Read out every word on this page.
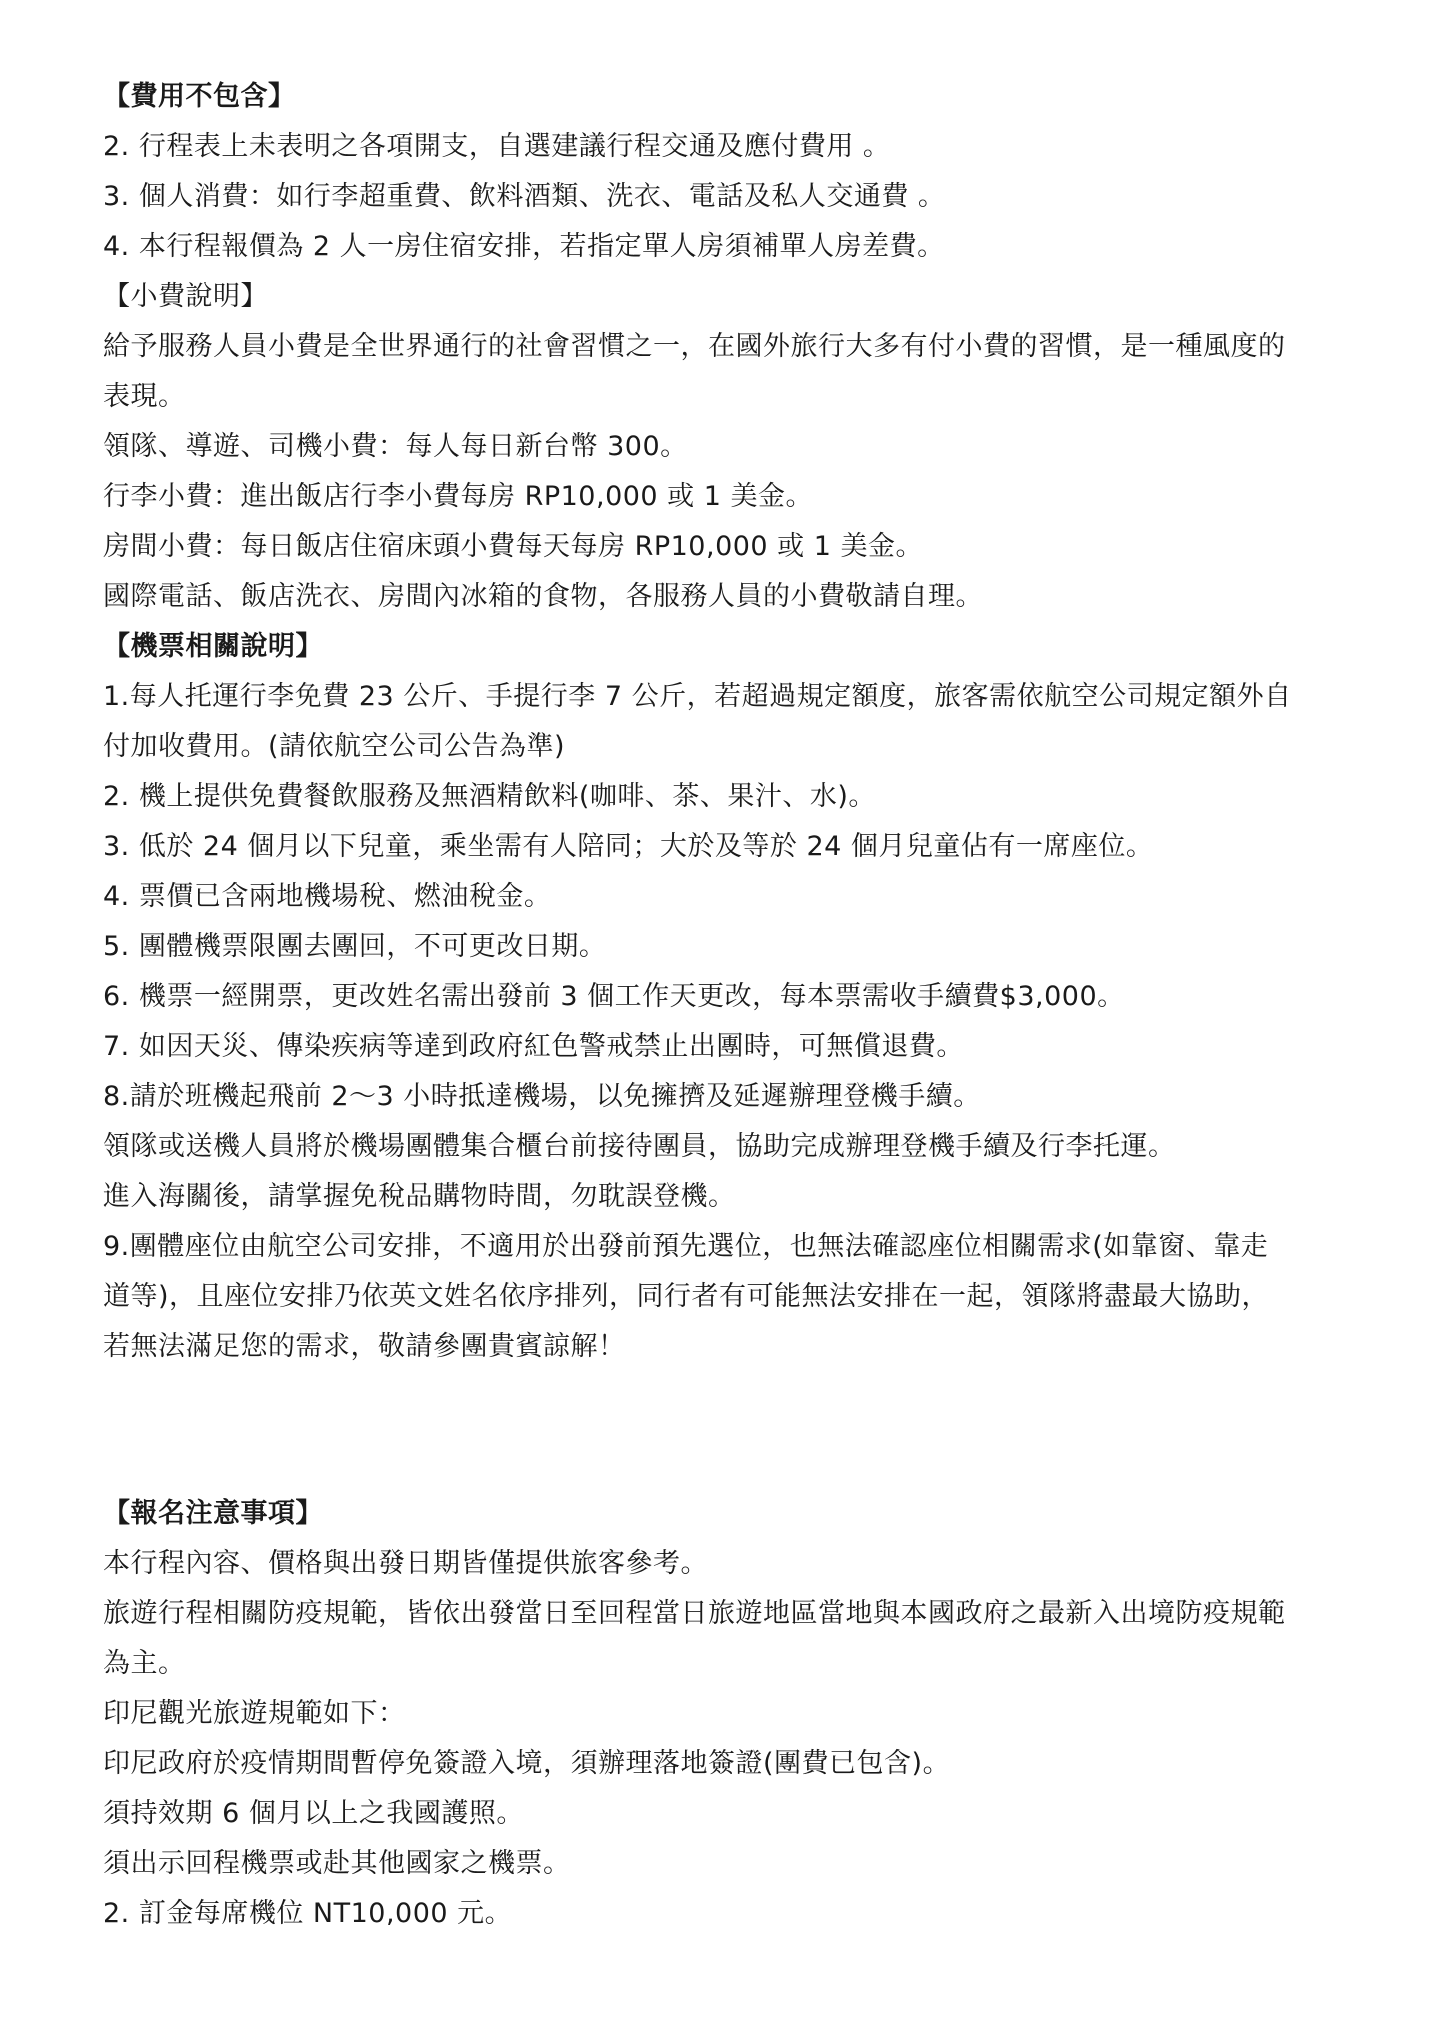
【費用不包含】
2. 行程表上未表明之各項開支，自選建議行程交通及應付費用 。
3. 個人消費：如行李超重費、飲料酒類、洗衣、電話及私人交通費 。
4. 本行程報價為 2 人一房住宿安排，若指定單人房須補單人房差費。
【小費說明】
給予服務人員小費是全世界通行的社會習慣之一，在國外旅行大多有付小費的習慣，是一種風度的
表現。
領隊、導遊、司機小費：每人每日新台幣 300。
行李小費：進出飯店行李小費每房 RP10,000 或 1 美金。
房間小費：每日飯店住宿床頭小費每天每房 RP10,000 或 1 美金。
國際電話、飯店洗衣、房間內冰箱的食物，各服務人員的小費敬請自理。
【機票相關說明】
1.每人托運行李免費 23 公斤、手提行李 7 公斤，若超過規定額度，旅客需依航空公司規定額外自
付加收費用。(請依航空公司公告為準)
2. 機上提供免費餐飲服務及無酒精飲料(咖啡、茶、果汁、水)。
3. 低於 24 個月以下兒童，乘坐需有人陪同；大於及等於 24 個月兒童佔有一席座位。
4. 票價已含兩地機場稅、燃油稅金。
5. 團體機票限團去團回，不可更改日期。
6. 機票一經開票，更改姓名需出發前 3 個工作天更改，每本票需收手續費$3,000。
7. 如因天災、傳染疾病等達到政府紅色警戒禁止出團時，可無償退費。
8.請於班機起飛前 2～3 小時抵達機場，以免擁擠及延遲辦理登機手續。
領隊或送機人員將於機場團體集合櫃台前接待團員，協助完成辦理登機手續及行李托運。
進入海關後，請掌握免稅品購物時間，勿耽誤登機。
9.團體座位由航空公司安排，不適用於出發前預先選位，也無法確認座位相關需求(如靠窗、靠走
道等)，且座位安排乃依英文姓名依序排列，同行者有可能無法安排在一起，領隊將盡最大協助，
若無法滿足您的需求，敬請參團貴賓諒解！
【報名注意事項】
本行程內容、價格與出發日期皆僅提供旅客參考。
旅遊行程相關防疫規範，皆依出發當日至回程當日旅遊地區當地與本國政府之最新入出境防疫規範
為主。
印尼觀光旅遊規範如下：
印尼政府於疫情期間暫停免簽證入境，須辦理落地簽證(團費已包含)。
須持效期 6 個月以上之我國護照。
須出示回程機票或赴其他國家之機票。
2. 訂金每席機位 NT10,000 元。
